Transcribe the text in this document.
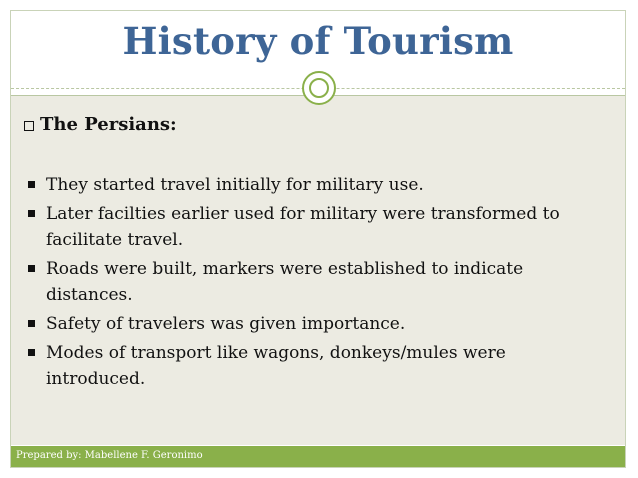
History of Tourism
The Persians:
They started travel initially for military use.
Later facilties earlier used for military were transformed to facilitate travel.
Roads were built, markers were established to indicate distances.
Safety of travelers was given importance.
Modes of transport like wagons, donkeys/mules were introduced.
Prepared by: Mabellene F. Geronimo
